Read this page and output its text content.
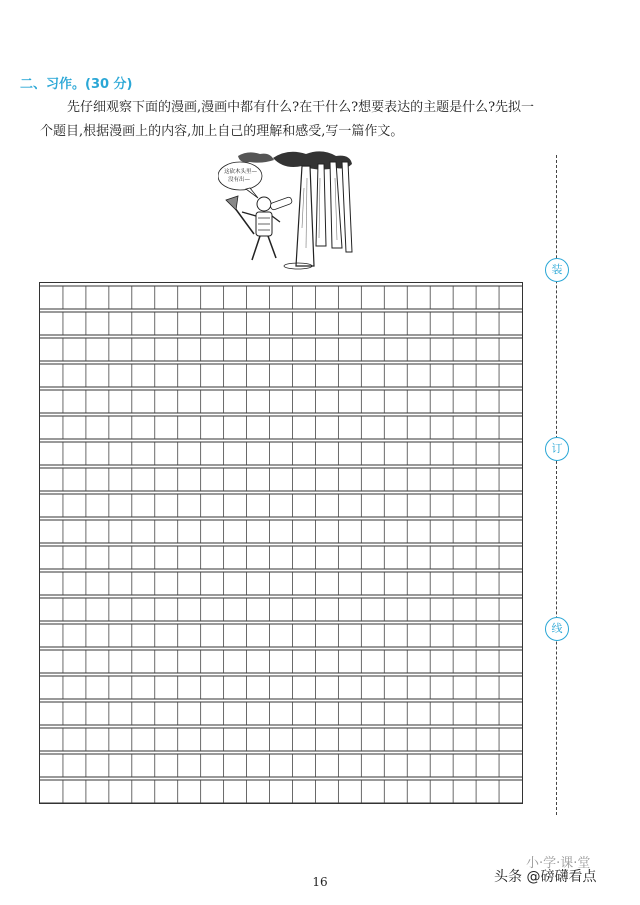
二、习作。(30 分)
先仔细观察下面的漫画,漫画中都有什么?在干什么?想要表达的主题是什么?先拟一个题目,根据漫画上的内容,加上自己的理解和感受,写一篇作文。
这砍木头里—
没有出—
装
订
线
16
小·学·课·堂
头条 @磅礴看点
